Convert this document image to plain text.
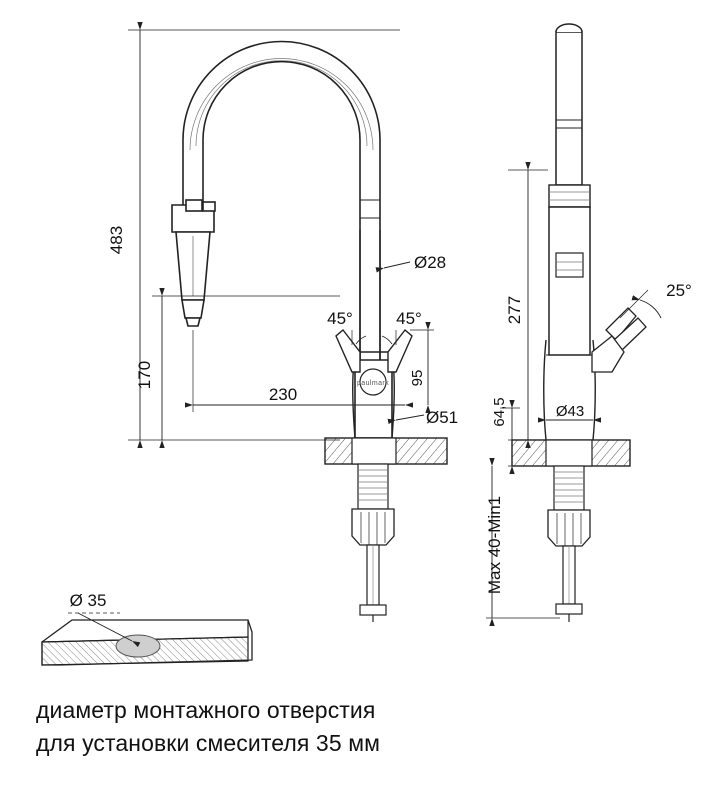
483
170
230
95
Ø28
Ø51
45°	45°
paulmark
277
64,5	Ø43
25°
Max 40-Min1
Ø 35
диаметр монтажного отверстия
для установки смесителя 35 мм
